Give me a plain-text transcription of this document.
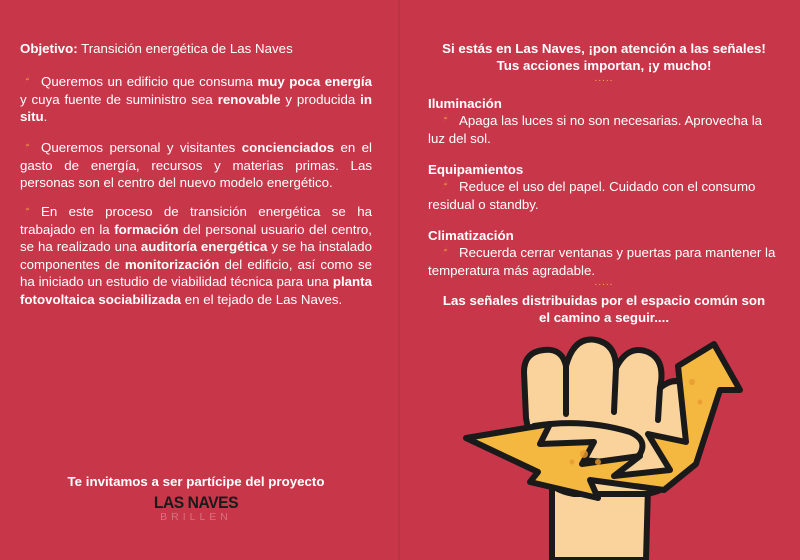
Objetivo: Transición energética de Las Naves
Queremos un edificio que consuma muy poca energía y cuya fuente de suministro sea renovable y producida in situ.
Queremos personal y visitantes concienciados en el gasto de energía, recursos y materias primas. Las personas son el centro del nuevo modelo energético.
En este proceso de transición energética se ha trabajado en la formación del personal usuario del centro, se ha realizado una auditoría energética y se ha instalado componentes de monitorización del edificio, así como se ha iniciado un estudio de viabilidad técnica para una planta fotovoltaica sociabilizada en el tejado de Las Naves.
Te invitamos a ser partícipe del proyecto
LAS NAVES
BRILLEN
Si estás en Las Naves, ¡pon atención a las señales!
Tus acciones importan, ¡y mucho!
.....
Iluminación
Apaga las luces si no son necesarias. Aprovecha la luz del sol.
Equipamientos
Reduce el uso del papel. Cuidado con el consumo residual o standby.
Climatización
Recuerda cerrar ventanas y puertas para mantener la temperatura más agradable.
.....
Las señales distribuidas por el espacio común son
el camino a seguir....
